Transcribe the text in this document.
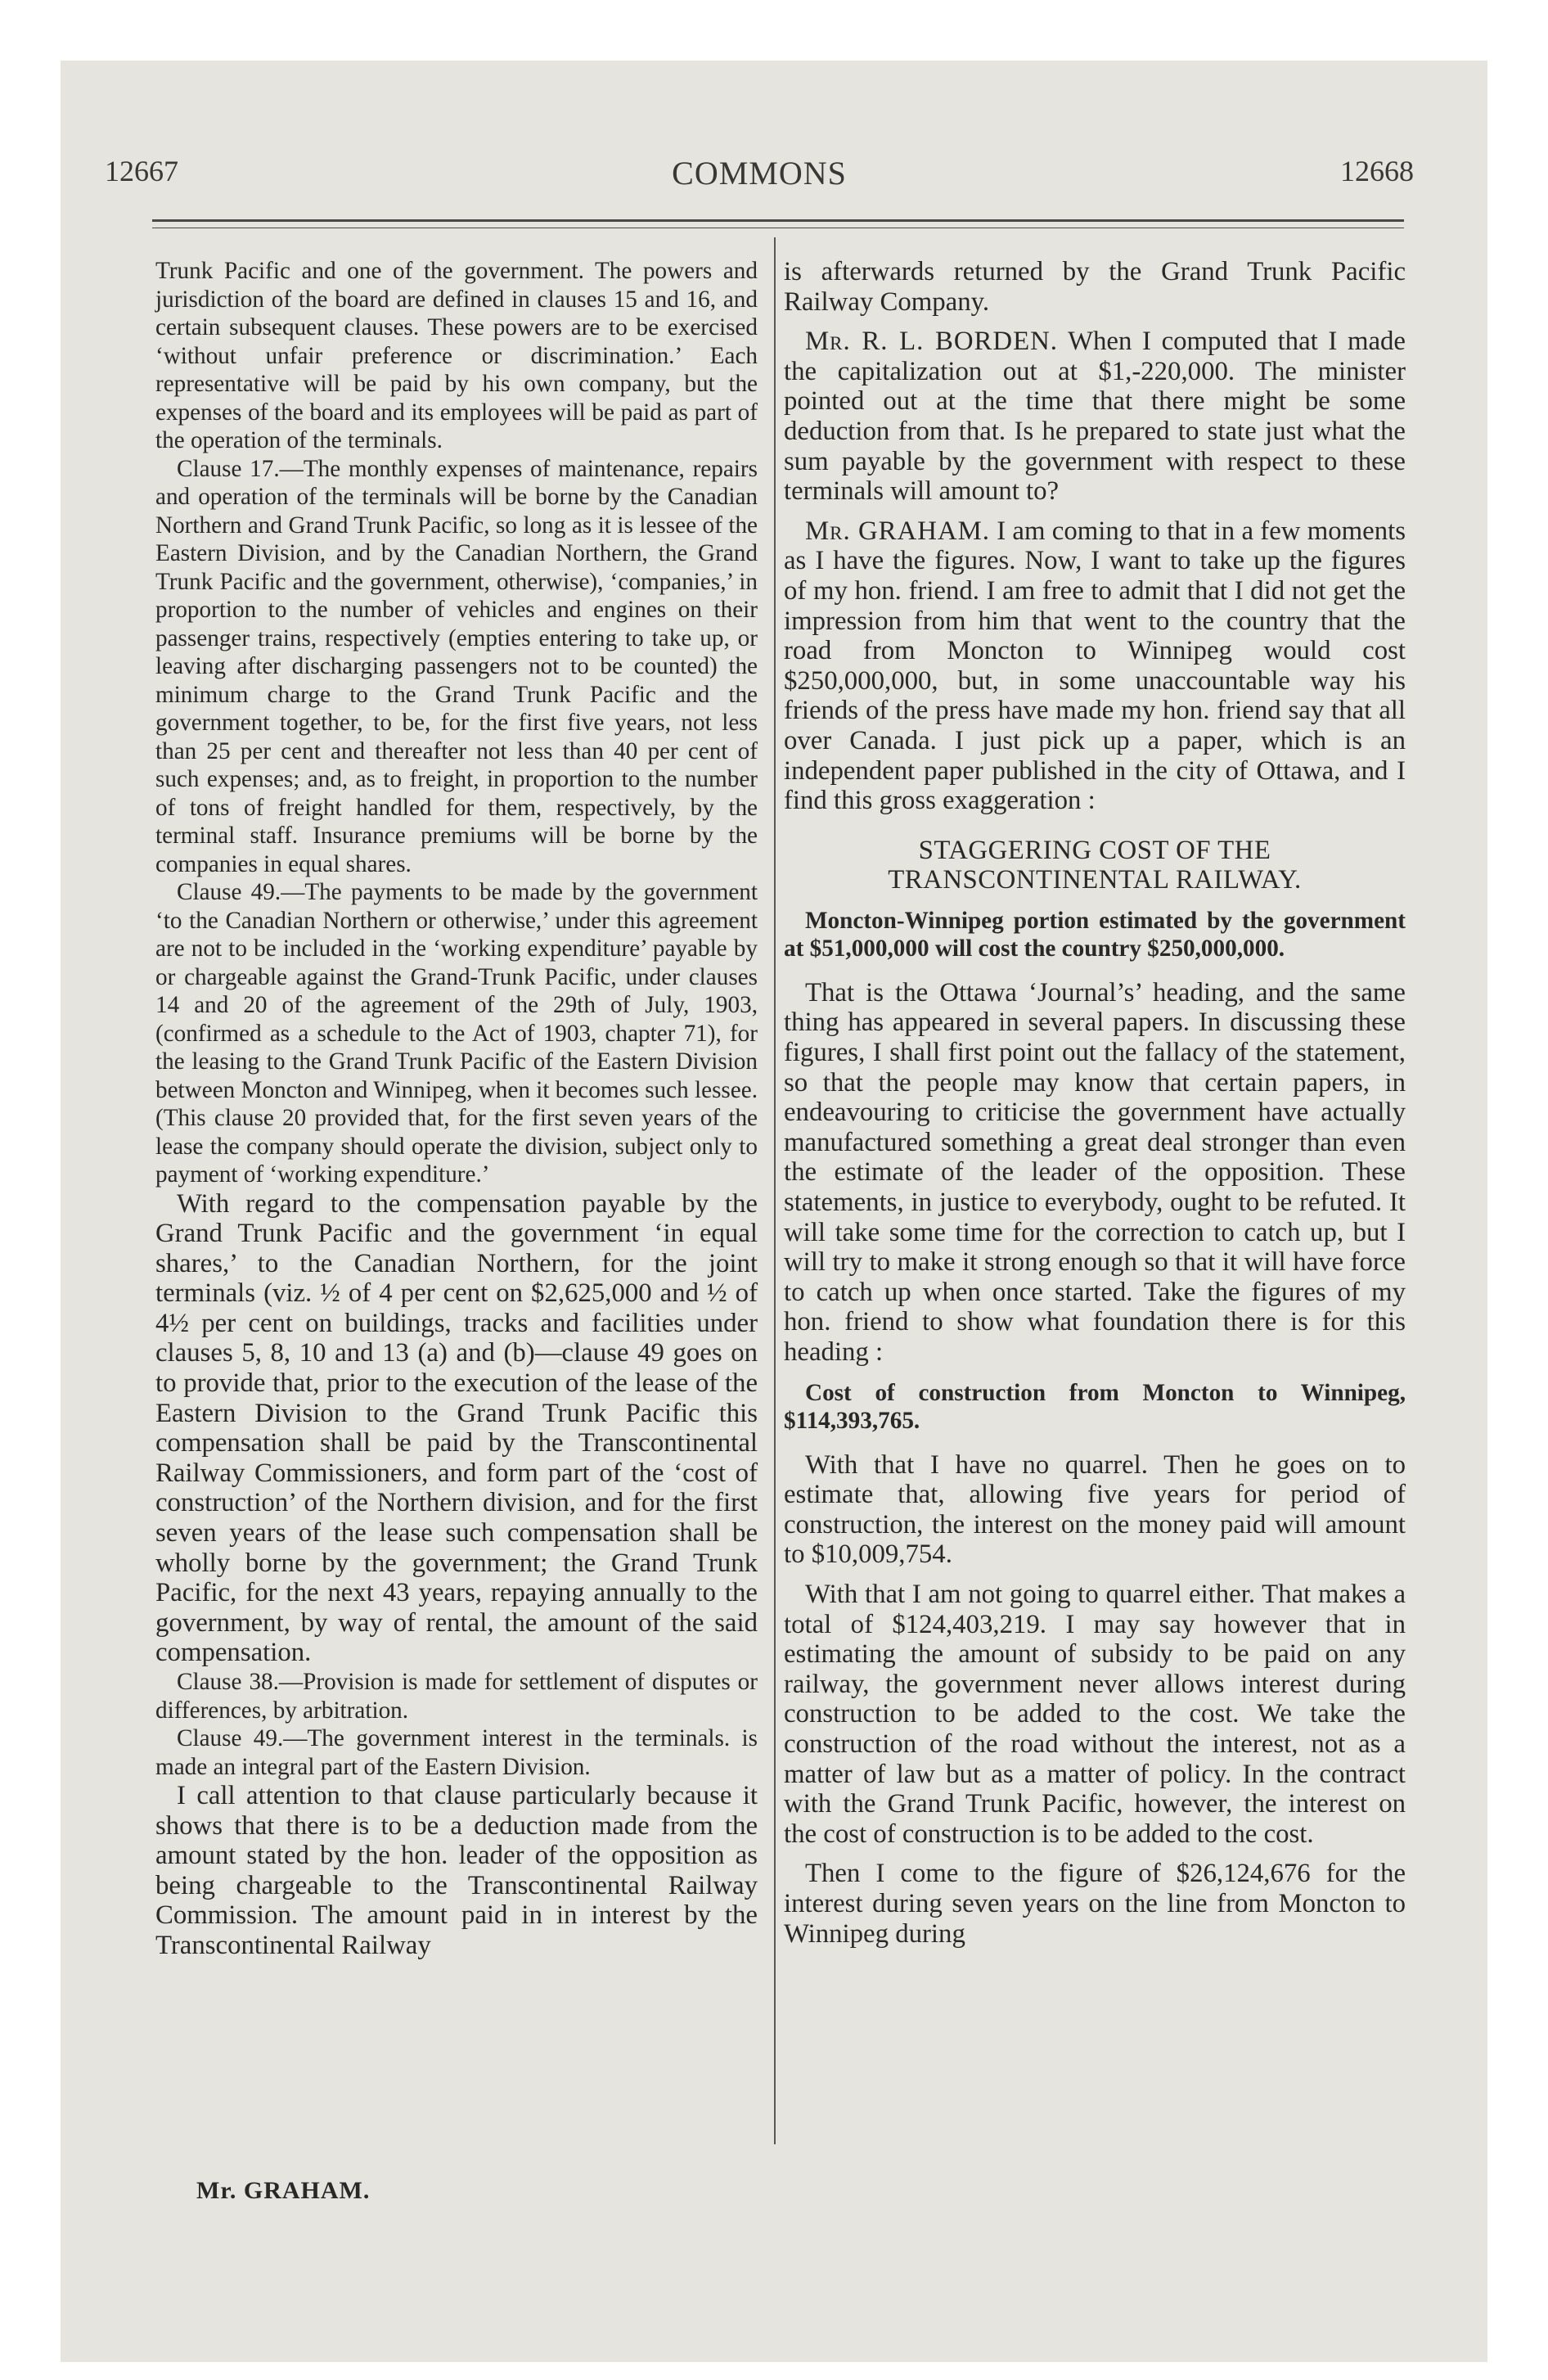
COMMONS
12667	12668

Trunk Pacific and one of the government. The powers and jurisdiction of the board are defined in clauses 15 and 16, and certain subsequent clauses. These powers are to be exercised ‘without unfair preference or discrimination.’ Each representative will be paid by his own company, but the expenses of the board and its employees will be paid as part of the operation of the terminals.

Clause 17.—The monthly expenses of maintenance, repairs and operation of the terminals will be borne by the Canadian Northern and Grand Trunk Pacific, so long as it is lessee of the Eastern Division, and by the Canadian Northern, the Grand Trunk Pacific and the government, otherwise), ‘companies,’ in proportion to the number of vehicles and engines on their passenger trains, respectively (empties entering to take up, or leaving after discharging passengers not to be counted) the minimum charge to the Grand Trunk Pacific and the government together, to be, for the first five years, not less than 25 per cent and thereafter not less than 40 per cent of such expenses; and, as to freight, in proportion to the number of tons of freight handled for them, respectively, by the terminal staff. Insurance premiums will be borne by the companies in equal shares.

Clause 49.—The payments to be made by the government ‘to the Canadian Northern or otherwise,’ under this agreement are not to be included in the ‘working expenditure’ payable by or chargeable against the Grand-Trunk Pacific, under clauses 14 and 20 of the agreement of the 29th of July, 1903, (confirmed as a schedule to the Act of 1903, chapter 71), for the leasing to the Grand Trunk Pacific of the Eastern Division between Moncton and Winnipeg, when it becomes such lessee. (This clause 20 provided that, for the first seven years of the lease the company should operate the division, subject only to payment of ‘working expenditure.’

With regard to the compensation payable by the Grand Trunk Pacific and the government ‘in equal shares,’ to the Canadian Northern, for the joint terminals (viz. ½ of 4 per cent on $2,625,000 and ½ of 4½ per cent on buildings, tracks and facilities under clauses 5, 8, 10 and 13 (a) and (b)—clause 49 goes on to provide that, prior to the execution of the lease of the Eastern Division to the Grand Trunk Pacific this compensation shall be paid by the Transcontinental Railway Commissioners, and form part of the ‘cost of construction’ of the Northern division, and for the first seven years of the lease such compensation shall be wholly borne by the government; the Grand Trunk Pacific, for the next 43 years, repaying annually to the government, by way of rental, the amount of the said compensation.

Clause 38.—Provision is made for settlement of disputes or differences, by arbitration.

Clause 49.—The government interest in the terminals. is made an integral part of the Eastern Division.

I call attention to that clause particularly because it shows that there is to be a deduction made from the amount stated by the hon. leader of the opposition as being chargeable to the Transcontinental Railway Commission. The amount paid in in interest by the Transcontinental Railway

is afterwards returned by the Grand Trunk Pacific Railway Company.

Mr. R. L. BORDEN. When I computed that I made the capitalization out at $1,-220,000. The minister pointed out at the time that there might be some deduction from that. Is he prepared to state just what the sum payable by the government with respect to these terminals will amount to?

Mr. GRAHAM. I am coming to that in a few moments as I have the figures. Now, I want to take up the figures of my hon. friend. I am free to admit that I did not get the impression from him that went to the country that the road from Moncton to Winnipeg would cost $250,000,000, but, in some unaccountable way his friends of the press have made my hon. friend say that all over Canada. I just pick up a paper, which is an independent paper published in the city of Ottawa, and I find this gross exaggeration :

STAGGERING COST OF THE TRANSCONTINENTAL RAILWAY.

Moncton-Winnipeg portion estimated by the government at $51,000,000 will cost the country $250,000,000.

That is the Ottawa ‘Journal’s’ heading, and the same thing has appeared in several papers. In discussing these figures, I shall first point out the fallacy of the statement, so that the people may know that certain papers, in endeavouring to criticise the government have actually manufactured something a great deal stronger than even the estimate of the leader of the opposition. These statements, in justice to everybody, ought to be refuted. It will take some time for the correction to catch up, but I will try to make it strong enough so that it will have force to catch up when once started. Take the figures of my hon. friend to show what foundation there is for this heading :

Cost of construction from Moncton to Winnipeg, $114,393,765.

With that I have no quarrel. Then he goes on to estimate that, allowing five years for period of construction, the interest on the money paid will amount to $10,009,754.

With that I am not going to quarrel either. That makes a total of $124,403,219. I may say however that in estimating the amount of subsidy to be paid on any railway, the government never allows interest during construction to be added to the cost. We take the construction of the road without the interest, not as a matter of law but as a matter of policy. In the contract with the Grand Trunk Pacific, however, the interest on the cost of construction is to be added to the cost.

Then I come to the figure of $26,124,676 for the interest during seven years on the line from Moncton to Winnipeg during

Mr. GRAHAM.
